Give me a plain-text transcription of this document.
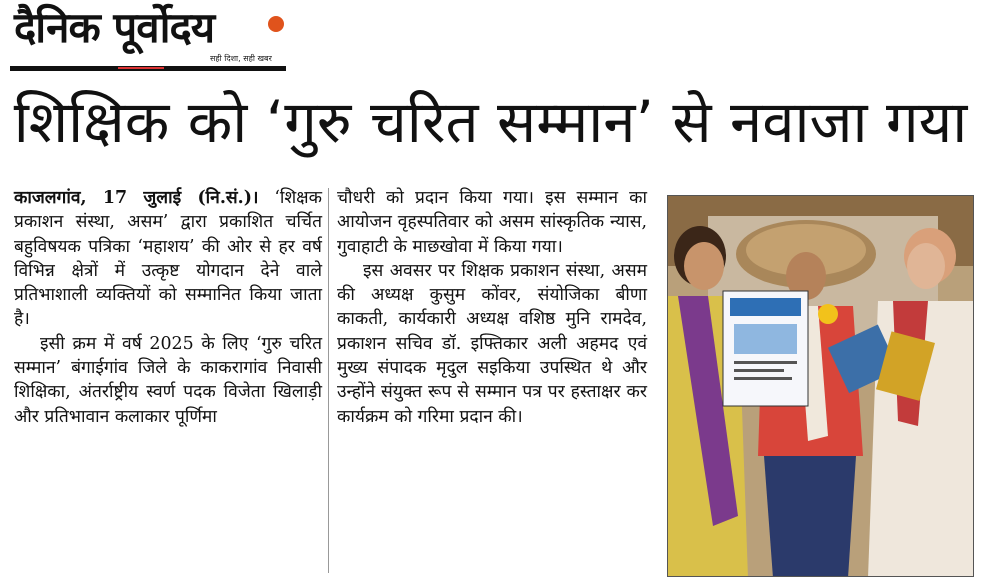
दैनिक पूर्वोदय
सही दिशा, सही खबर
शिक्षिक को ‘गुरु चरित सम्मान’ से नवाजा गया

काजलगांव, 17 जुलाई (नि.सं.)। ‘शिक्षक प्रकाशन संस्था, असम’ द्वारा प्रकाशित चर्चित बहुविषयक पत्रिका ‘महाशय’ की ओर से हर वर्ष विभिन्न क्षेत्रों में उत्कृष्ट योगदान देने वाले प्रतिभाशाली व्यक्तियों को सम्मानित किया जाता है।

इसी क्रम में वर्ष 2025 के लिए ‘गुरु चरित सम्मान’ बंगाईगांव जिले के काकरागांव निवासी शिक्षिका, अंतर्राष्ट्रीय स्वर्ण पदक विजेता खिलाड़ी और प्रतिभावान कलाकार पूर्णिमा

चौधरी को प्रदान किया गया। इस सम्मान का आयोजन वृहस्पतिवार को असम सांस्कृतिक न्यास, गुवाहाटी के माछखोवा में किया गया।

इस अवसर पर शिक्षक प्रकाशन संस्था, असम की अध्यक्ष कुसुम कोंवर, संयोजिका बीणा काकती, कार्यकारी अध्यक्ष वशिष्ठ मुनि रामदेव, प्रकाशन सचिव डॉ. इफ्तिकार अली अहमद एवं मुख्य संपादक मृदुल सइकिया उपस्थित थे और उन्होंने संयुक्त रूप से सम्मान पत्र पर हस्ताक्षर कर कार्यक्रम को गरिमा प्रदान की।
